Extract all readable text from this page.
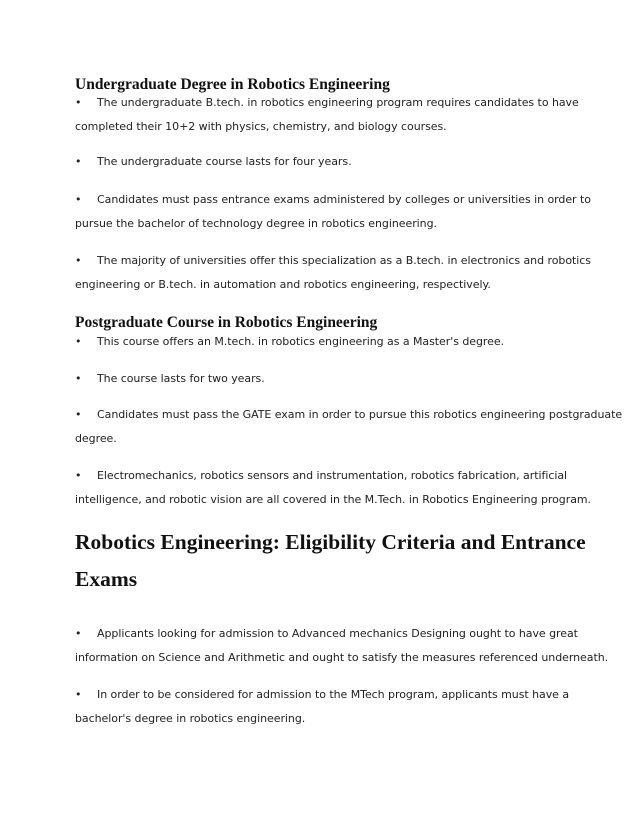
Undergraduate Degree in Robotics Engineering
• The undergraduate B.tech. in robotics engineering program requires candidates to have
completed their 10+2 with physics, chemistry, and biology courses.
• The undergraduate course lasts for four years.
• Candidates must pass entrance exams administered by colleges or universities in order to
pursue the bachelor of technology degree in robotics engineering.
• The majority of universities offer this specialization as a B.tech. in electronics and robotics
engineering or B.tech. in automation and robotics engineering, respectively.
Postgraduate Course in Robotics Engineering
• This course offers an M.tech. in robotics engineering as a Master's degree.
• The course lasts for two years.
• Candidates must pass the GATE exam in order to pursue this robotics engineering postgraduate
degree.
• Electromechanics, robotics sensors and instrumentation, robotics fabrication, artificial
intelligence, and robotic vision are all covered in the M.Tech. in Robotics Engineering program.
Robotics Engineering: Eligibility Criteria and Entrance
Exams
• Applicants looking for admission to Advanced mechanics Designing ought to have great
information on Science and Arithmetic and ought to satisfy the measures referenced underneath.
• In order to be considered for admission to the MTech program, applicants must have a
bachelor's degree in robotics engineering.
